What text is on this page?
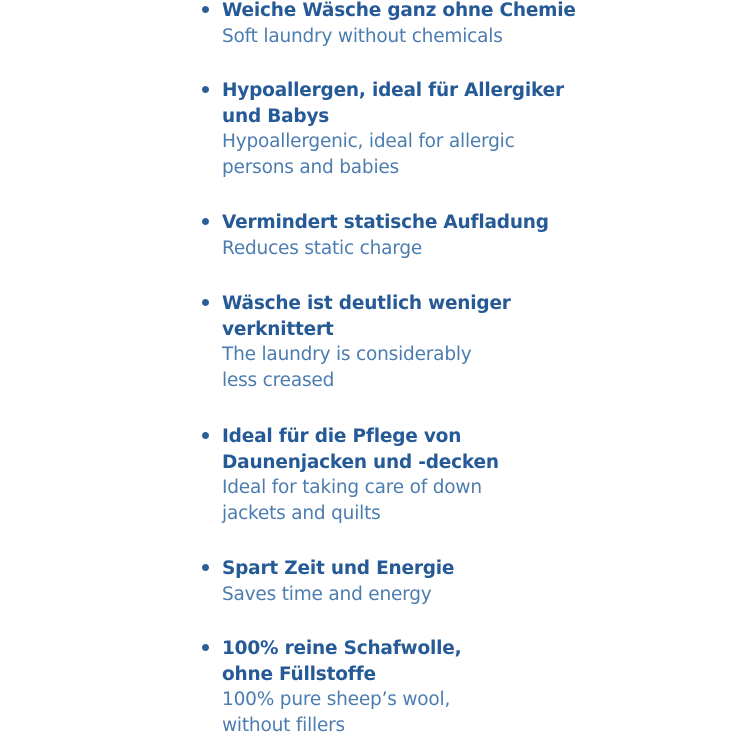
Weiche Wäsche ganz ohne Chemie
Soft laundry without chemicals
Hypoallergen, ideal für Allergiker
und Babys
Hypoallergenic, ideal for allergic
persons and babies
Vermindert statische Aufladung
Reduces static charge
Wäsche ist deutlich weniger
verknittert
The laundry is considerably
less creased
Ideal für die Pflege von
Daunenjacken und -decken
Ideal for taking care of down
jackets and quilts
Spart Zeit und Energie
Saves time and energy
100% reine Schafwolle,
ohne Füllstoffe
100% pure sheep’s wool,
without fillers
